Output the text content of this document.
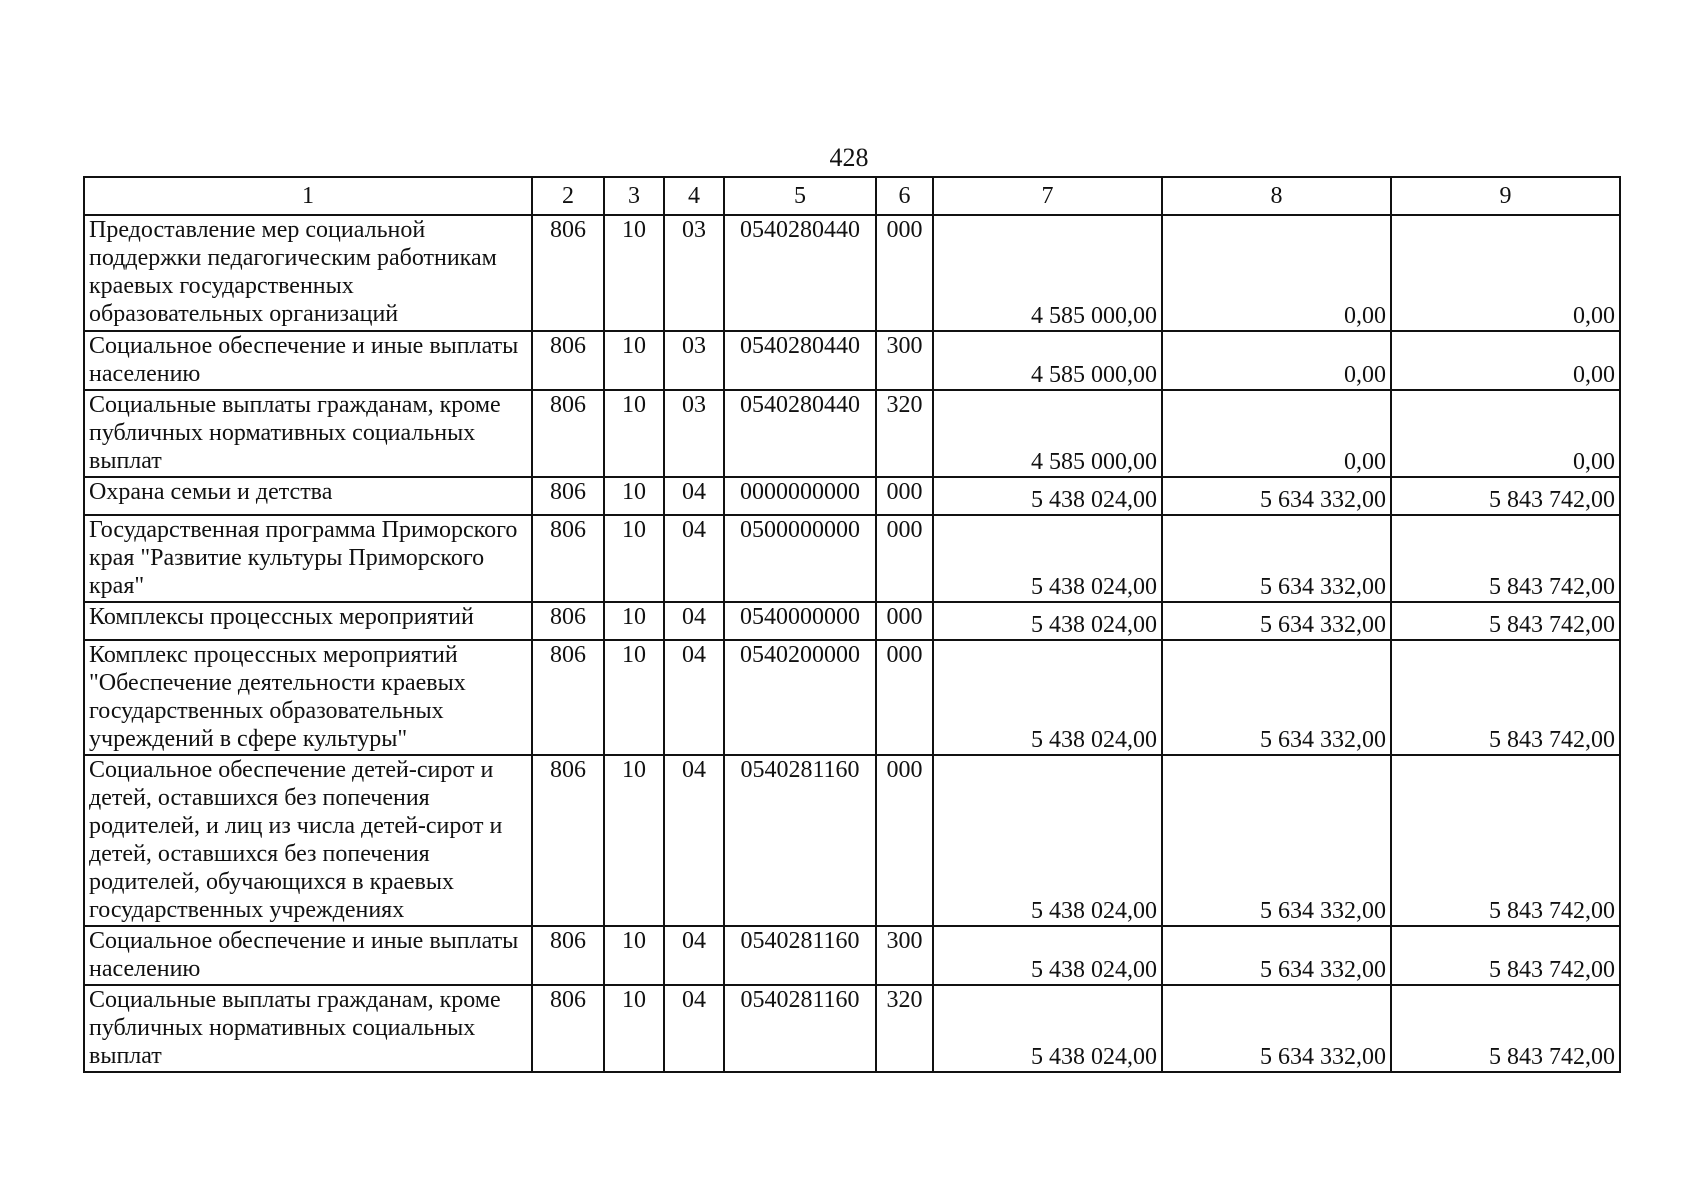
428
1	2	3	4	5	6	7	8	9
Предоставление мер социальной поддержки педагогическим работникам краевых государственных образовательных организаций	806	10	03	0540280440	000	4 585 000,00	0,00	0,00
Социальное обеспечение и иные выплаты населению	806	10	03	0540280440	300	4 585 000,00	0,00	0,00
Социальные выплаты гражданам, кроме публичных нормативных социальных выплат	806	10	03	0540280440	320	4 585 000,00	0,00	0,00
Охрана семьи и детства	806	10	04	0000000000	000	5 438 024,00	5 634 332,00	5 843 742,00
Государственная программа Приморского края "Развитие культуры Приморского края"	806	10	04	0500000000	000	5 438 024,00	5 634 332,00	5 843 742,00
Комплексы процессных мероприятий	806	10	04	0540000000	000	5 438 024,00	5 634 332,00	5 843 742,00
Комплекс процессных мероприятий "Обеспечение деятельности краевых государственных образовательных учреждений в сфере культуры"	806	10	04	0540200000	000	5 438 024,00	5 634 332,00	5 843 742,00
Социальное обеспечение детей-сирот и детей, оставшихся без попечения родителей, и лиц из числа детей-сирот и детей, оставшихся без попечения родителей, обучающихся в краевых государственных учреждениях	806	10	04	0540281160	000	5 438 024,00	5 634 332,00	5 843 742,00
Социальное обеспечение и иные выплаты населению	806	10	04	0540281160	300	5 438 024,00	5 634 332,00	5 843 742,00
Социальные выплаты гражданам, кроме публичных нормативных социальных выплат	806	10	04	0540281160	320	5 438 024,00	5 634 332,00	5 843 742,00
